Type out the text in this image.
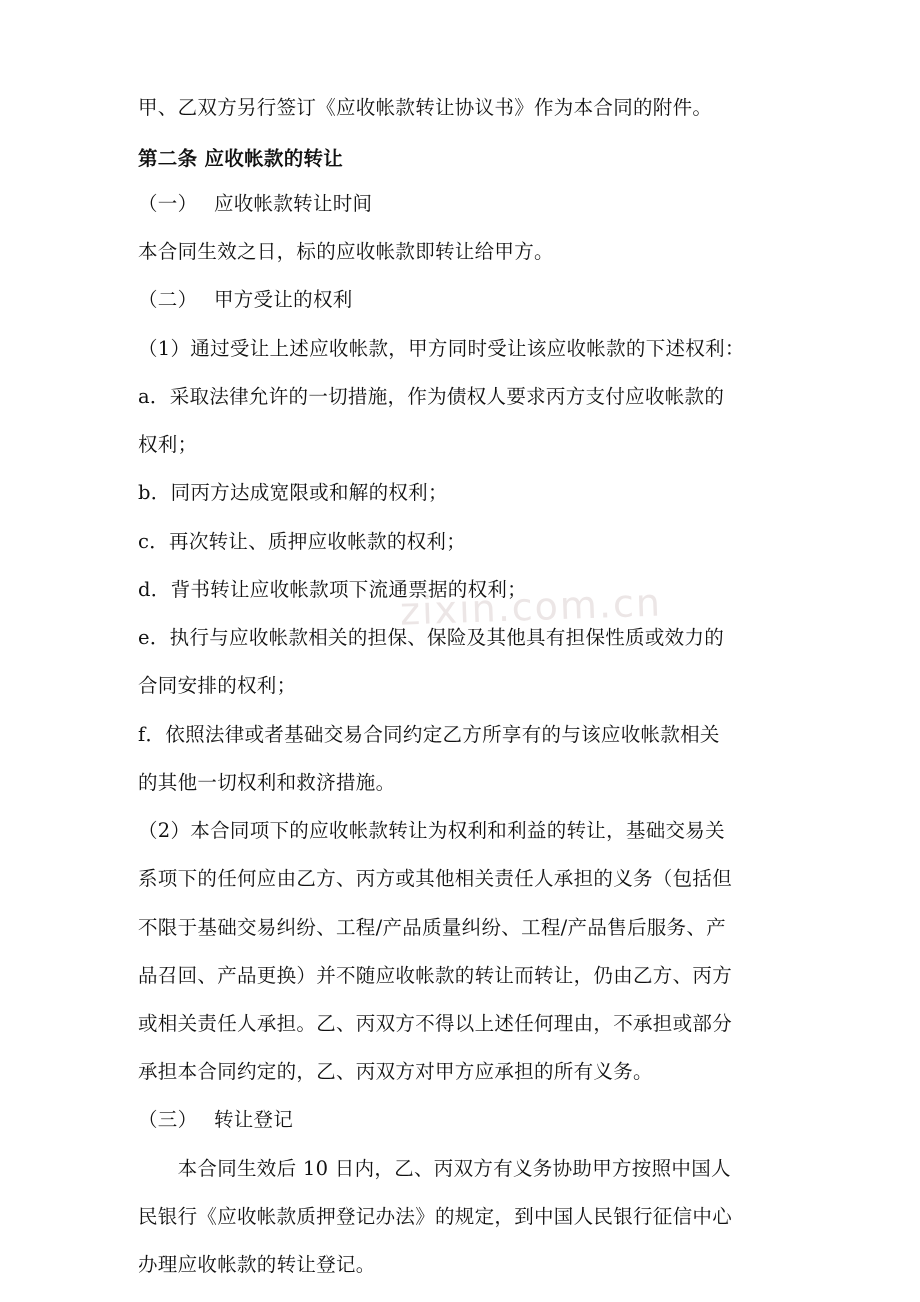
zixin.com.cn
甲、乙双方另行签订《应收帐款转让协议书》作为本合同的附件。
第二条 应收帐款的转让
（一）　 应收帐款转让时间
本合同生效之日，标的应收帐款即转让给甲方。
（二）　 甲方受让的权利
（1）通过受让上述应收帐款，甲方同时受让该应收帐款的下述权利：
a．采取法律允许的一切措施，作为债权人要求丙方支付应收帐款的
权利；
b．同丙方达成宽限或和解的权利；
c．再次转让、质押应收帐款的权利；
d．背书转让应收帐款项下流通票据的权利；
e．执行与应收帐款相关的担保、保险及其他具有担保性质或效力的
合同安排的权利；
f．依照法律或者基础交易合同约定乙方所享有的与该应收帐款相关
的其他一切权利和救济措施。
（2）本合同项下的应收帐款转让为权利和利益的转让，基础交易关
系项下的任何应由乙方、丙方或其他相关责任人承担的义务（包括但
不限于基础交易纠纷、工程/产品质量纠纷、工程/产品售后服务、产
品召回、产品更换）并不随应收帐款的转让而转让，仍由乙方、丙方
或相关责任人承担。乙、丙双方不得以上述任何理由，不承担或部分
承担本合同约定的，乙、丙双方对甲方应承担的所有义务。
（三）　 转让登记
　　本合同生效后 10 日内，乙、丙双方有义务协助甲方按照中国人
民银行《应收帐款质押登记办法》的规定，到中国人民银行征信中心
办理应收帐款的转让登记。
